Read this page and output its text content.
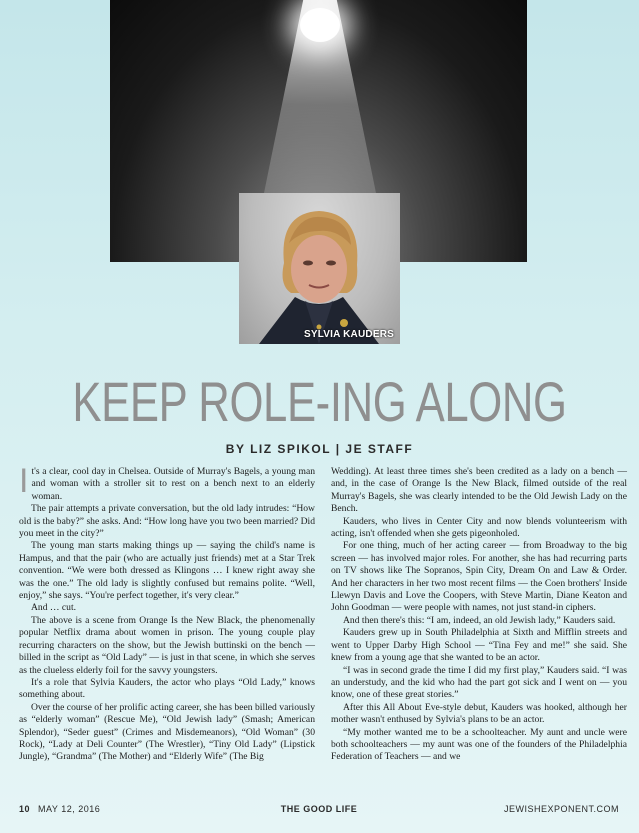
SYLVIA KAUDERS
KEEP ROLE-ING ALONG
BY LIZ SPIKOL | JE STAFF

It's a clear, cool day in Chelsea. Outside of Murray's Bagels, a young man and woman with a stroller sit to rest on a bench next to an elderly woman.

The pair attempts a private conversation, but the old lady intrudes: “How old is the baby?” she asks. And: “How long have you two been married? Did you meet in the city?”

The young man starts making things up — saying the child's name is Hampus, and that the pair (who are actually just friends) met at a Star Trek convention. “We were both dressed as Klingons … I knew right away she was the one.” The old lady is slightly confused but remains polite. “Well, enjoy,” she says. “You're perfect together, it's very clear.”

And … cut.

The above is a scene from Orange Is the New Black, the phenomenally popular Netflix drama about women in prison. The young couple play recurring characters on the show, but the Jewish buttinski on the bench — billed in the script as “Old Lady” — is just in that scene, in which she serves as the clueless elderly foil for the savvy youngsters.

It's a role that Sylvia Kauders, the actor who plays “Old Lady,” knows something about.

Over the course of her prolific acting career, she has been billed variously as “elderly woman” (Rescue Me), “Old Jewish lady” (Smash; American Splendor), “Seder guest” (Crimes and Misdemeanors), “Old Woman” (30 Rock), “Lady at Deli Counter” (The Wrestler), “Tiny Old Lady” (Lipstick Jungle), “Grandma” (The Mother) and “Elderly Wife” (The Big

Wedding). At least three times she's been credited as a lady on a bench — and, in the case of Orange Is the New Black, filmed outside of the real Murray's Bagels, she was clearly intended to be the Old Jewish Lady on the Bench.

Kauders, who lives in Center City and now blends volunteerism with acting, isn't offended when she gets pigeonholed.

For one thing, much of her acting career — from Broadway to the big screen — has involved major roles. For another, she has had recurring parts on TV shows like The Sopranos, Spin City, Dream On and Law & Order. And her characters in her two most recent films — the Coen brothers' Inside Llewyn Davis and Love the Coopers, with Steve Martin, Diane Keaton and John Goodman — were people with names, not just stand-in ciphers.

And then there's this: “I am, indeed, an old Jewish lady,” Kauders said.

Kauders grew up in South Philadelphia at Sixth and Mifflin streets and went to Upper Darby High School — “Tina Fey and me!” she said. She knew from a young age that she wanted to be an actor.

“I was in second grade the time I did my first play,” Kauders said. “I was an understudy, and the kid who had the part got sick and I went on — you know, one of these great stories.”

After this All About Eve-style debut, Kauders was hooked, although her mother wasn't enthused by Sylvia's plans to be an actor.

“My mother wanted me to be a schoolteacher. My aunt and uncle were both schoolteachers — my aunt was one of the founders of the Philadelphia Federation of Teachers — and we

10 MAY 12, 2016	THE GOOD LIFE	JEWISHEXPONENT.COM
